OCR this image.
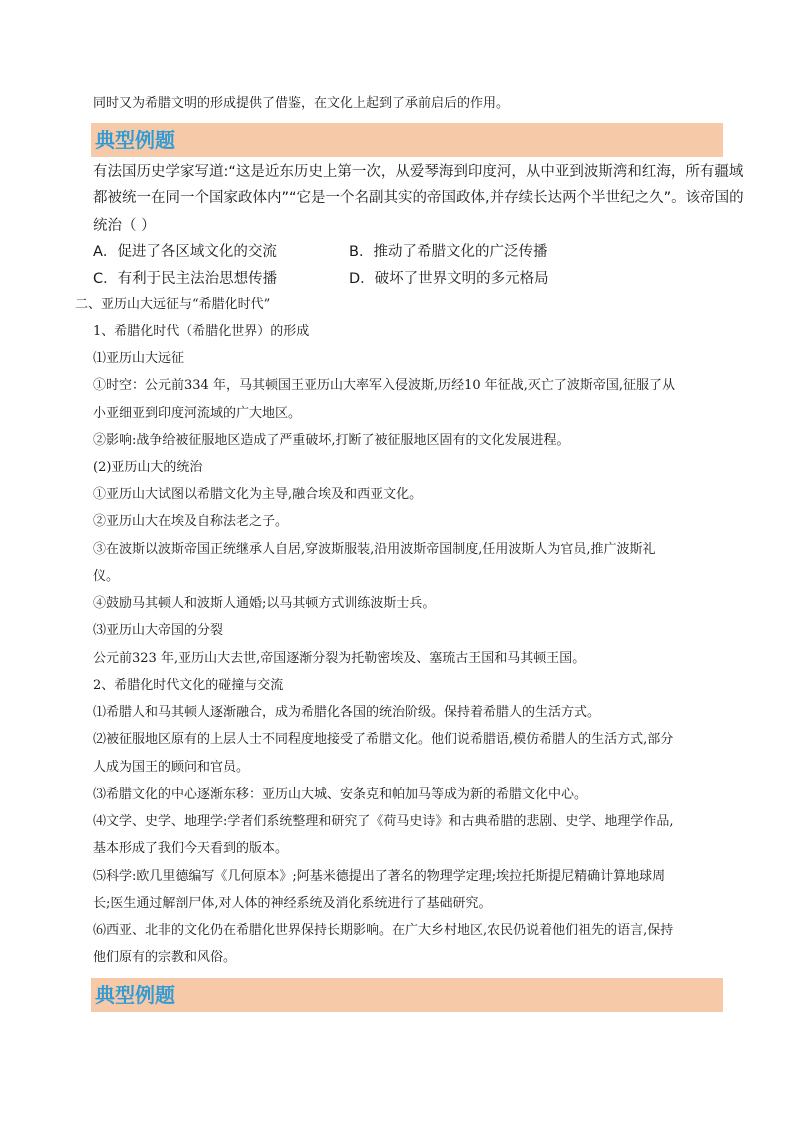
同时又为希腊文明的形成提供了借鉴，在文化上起到了承前启后的作用。
典型例题
有法国历史学家写道:“这是近东历史上第一次，从爱琴海到印度河，从中亚到波斯湾和红海，所有疆域
都被统一在同一个国家政体内”“它是一个名副其实的帝国政体,并存续长达两个半世纪之久”。该帝国的
统治（ ）
A．促进了各区域文化的交流	B．推动了希腊文化的广泛传播
C．有利于民主法治思想传播	D．破坏了世界文明的多元格局
二、亚历山大远征与“希腊化时代”
1、希腊化时代（希腊化世界）的形成
⑴亚历山大远征
①时空：公元前334 年，马其顿国王亚历山大率军入侵波斯,历经10 年征战,灭亡了波斯帝国,征服了从
小亚细亚到印度河流域的广大地区。
②影响:战争给被征服地区造成了严重破坏,打断了被征服地区固有的文化发展进程。
(2)亚历山大的统治
①亚历山大试图以希腊文化为主导,融合埃及和西亚文化。
②亚历山大在埃及自称法老之子。
③在波斯以波斯帝国正统继承人自居,穿波斯服装,沿用波斯帝国制度,任用波斯人为官员,推广波斯礼
仪。
④鼓励马其顿人和波斯人通婚;以马其顿方式训练波斯士兵。
⑶亚历山大帝国的分裂
公元前323 年,亚历山大去世,帝国逐渐分裂为托勒密埃及、塞琉古王国和马其顿王国。
2、希腊化时代文化的碰撞与交流
⑴希腊人和马其顿人逐渐融合，成为希腊化各国的统治阶级。保持着希腊人的生活方式。
⑵被征服地区原有的上层人士不同程度地接受了希腊文化。他们说希腊语,模仿希腊人的生活方式,部分
人成为国王的顾问和官员。
⑶希腊文化的中心逐渐东移：亚历山大城、安条克和帕加马等成为新的希腊文化中心。
⑷文学、史学、地理学:学者们系统整理和研究了《荷马史诗》和古典希腊的悲剧、史学、地理学作品,
基本形成了我们今天看到的版本。
⑸科学:欧几里德编写《几何原本》;阿基米德提出了著名的物理学定理;埃拉托斯提尼精确计算地球周
长;医生通过解剖尸体,对人体的神经系统及消化系统进行了基础研究。
⑹西亚、北非的文化仍在希腊化世界保持长期影响。在广大乡村地区,农民仍说着他们祖先的语言,保持
他们原有的宗教和风俗。
典型例题
